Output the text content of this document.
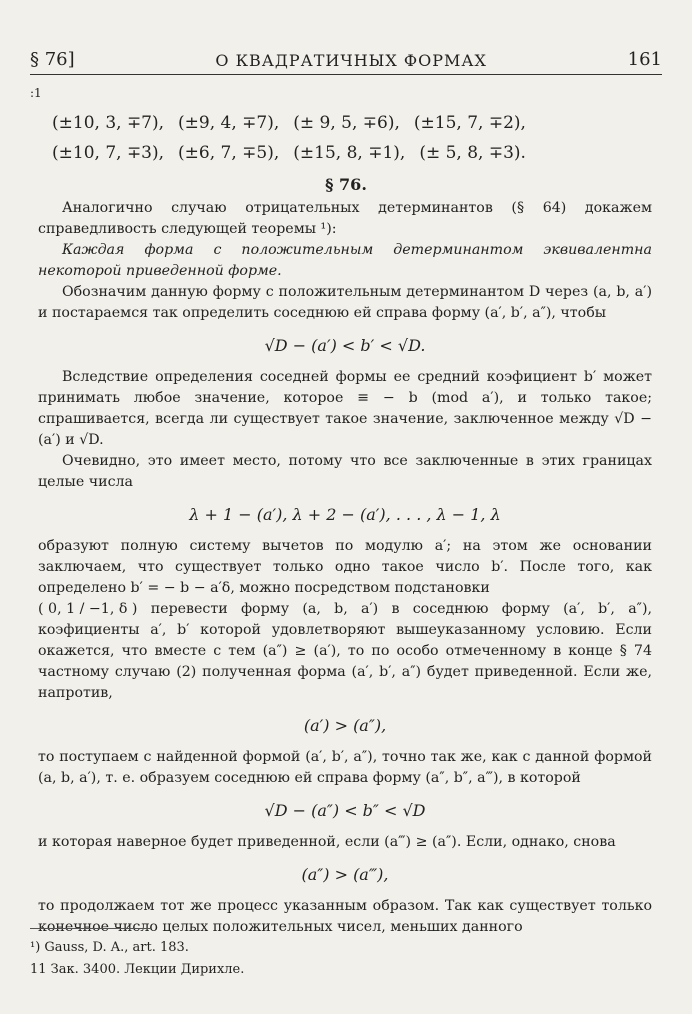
§ 76]	О КВАДРАТИЧНЫХ ФОРМАХ	161
:1
(±10, 3, ∓7), (±9, 4, ∓7), (± 9, 5, ∓6), (±15, 7, ∓2),
(±10, 7, ∓3), (±6, 7, ∓5), (±15, 8, ∓1), (± 5, 8, ∓3).
§ 76.

Аналогично случаю отрицательных детерминантов (§ 64) докажем справедливость следующей теоремы ¹):

Каждая форма с положительным детерминантом эквивалентна некоторой приведенной форме.

Обозначим данную форму с положительным детерминантом D через (a, b, a′) и постараемся так определить соседнюю ей справа форму (a′, b′, a″), чтобы

√D − (a′) < b′ < √D.

Вследствие определения соседней формы ее средний коэфициент b′ может принимать любое значение, которое ≡ − b (mod a′), и только такое; спрашивается, всегда ли существует такое значение, заключенное между √D − (a′) и √D.

Очевидно, это имеет место, потому что все заключенные в этих границах целые числа

λ + 1 − (a′), λ + 2 − (a′), . . . , λ − 1, λ

образуют полную систему вычетов по модулю a′; на этом же основании заключаем, что существует только одно такое число b′. После того, как определено b′ = − b − a′δ, можно посредством подстановки

( 0, 1 / −1, δ ) перевести форму (a, b, a′) в соседнюю форму (a′, b′, a″), коэфициенты a′, b′ которой удовлетворяют вышеуказанному условию. Если окажется, что вместе с тем (a″) ≥ (a′), то по особо отмеченному в конце § 74 частному случаю (2) полученная форма (a′, b′, a″) будет приведенной. Если же, напротив,

(a′) > (a″),

то поступаем с найденной формой (a′, b′, a″), точно так же, как с данной формой (a, b, a′), т. е. образуем соседнюю ей справа форму (a″, b″, a‴), в которой

√D − (a″) < b″ < √D

и которая наверное будет приведенной, если (a‴) ≥ (a″). Если, однако, снова

(a″) > (a‴),

то продолжаем тот же процесс указанным образом. Так как существует только конечное число целых положительных чисел, меньших данного

¹) Gauss, D. A., art. 183.
11 Зак. 3400. Лекции Дирихле.
